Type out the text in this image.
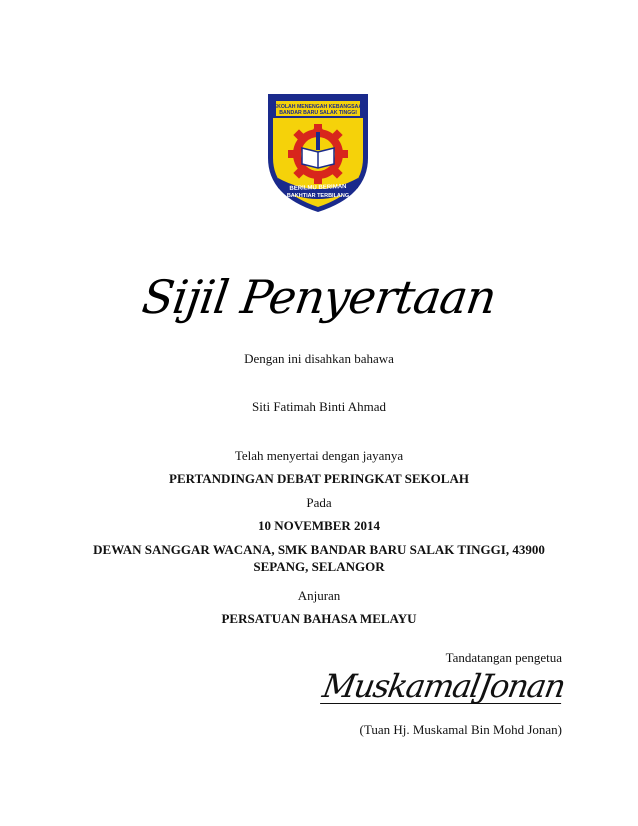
SEKOLAH MENENGAH KEBANGSAAN
BANDAR BARU SALAK TINGGI
BERILMU BERIMAN
BAKHTIAR TERBILANG
Sijil Penyertaan
Dengan ini disahkan bahawa
Siti Fatimah Binti Ahmad
Telah menyertai dengan jayanya
PERTANDINGAN DEBAT PERINGKAT SEKOLAH
Pada
10 NOVEMBER 2014
DEWAN SANGGAR WACANA, SMK BANDAR BARU SALAK TINGGI, 43900 SEPANG, SELANGOR
Anjuran
PERSATUAN BAHASA MELAYU
Tandatangan pengetua
MuskamalJonan
(Tuan Hj. Muskamal Bin Mohd Jonan)
